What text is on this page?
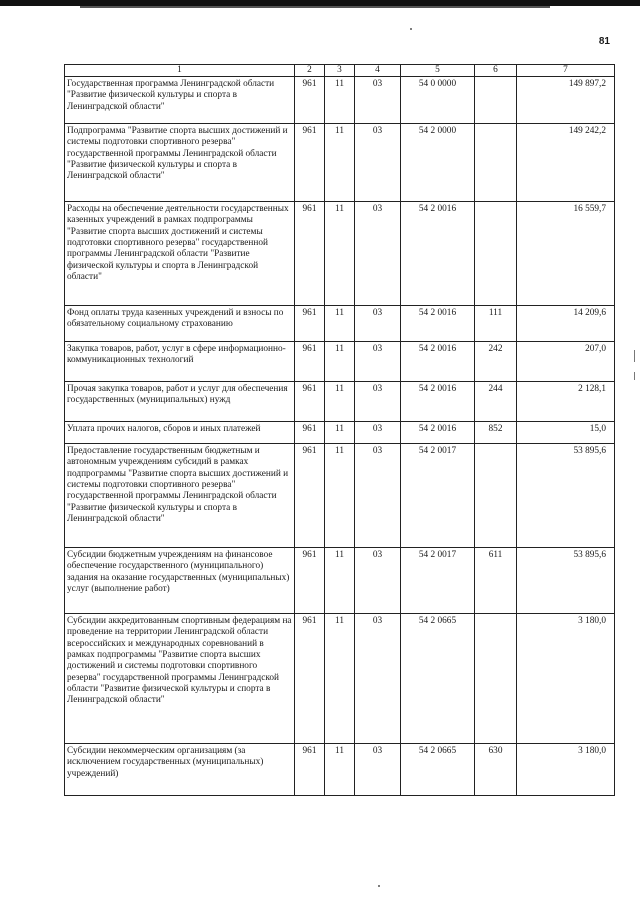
81
1	2	3	4	5	6	7
Государственная программа Ленинградской области "Развитие физической культуры и спорта в Ленинградской области"	961	11	03	54 0 0000		149 897,2
Подпрограмма "Развитие спорта высших достижений и системы подготовки спортивного резерва" государственной программы Ленинградской области "Развитие физической культуры и спорта в Ленинградской области"	961	11	03	54 2 0000		149 242,2
Расходы на обеспечение деятельности государственных казенных учреждений в рамках подпрограммы "Развитие спорта высших достижений и системы подготовки спортивного резерва" государственной программы Ленинградской области "Развитие физической культуры и спорта в Ленинградской области"	961	11	03	54 2 0016		16 559,7
Фонд оплаты труда казенных учреждений и взносы по обязательному социальному страхованию	961	11	03	54 2 0016	111	14 209,6
Закупка товаров, работ, услуг в сфере информационно-коммуникационных технологий	961	11	03	54 2 0016	242	207,0
Прочая закупка товаров, работ и услуг для обеспечения государственных (муниципальных) нужд	961	11	03	54 2 0016	244	2 128,1
Уплата прочих налогов, сборов и иных платежей	961	11	03	54 2 0016	852	15,0
Предоставление государственным бюджетным и автономным учреждениям субсидий в рамках подпрограммы "Развитие спорта высших достижений и системы подготовки спортивного резерва" государственной программы Ленинградской области "Развитие физической культуры и спорта в Ленинградской области"	961	11	03	54 2 0017		53 895,6
Субсидии бюджетным учреждениям на финансовое обеспечение государственного (муниципального) задания на оказание государственных (муниципальных) услуг (выполнение работ)	961	11	03	54 2 0017	611	53 895,6
Субсидии аккредитованным спортивным федерациям на проведение на территории Ленинградской области всероссийских и международных соревнований в рамках подпрограммы "Развитие спорта высших достижений и системы подготовки спортивного резерва" государственной программы Ленинградской области "Развитие физической культуры и спорта в Ленинградской области"	961	11	03	54 2 0665		3 180,0
Субсидии некоммерческим организациям (за исключением государственных (муниципальных) учреждений)	961	11	03	54 2 0665	630	3 180,0
